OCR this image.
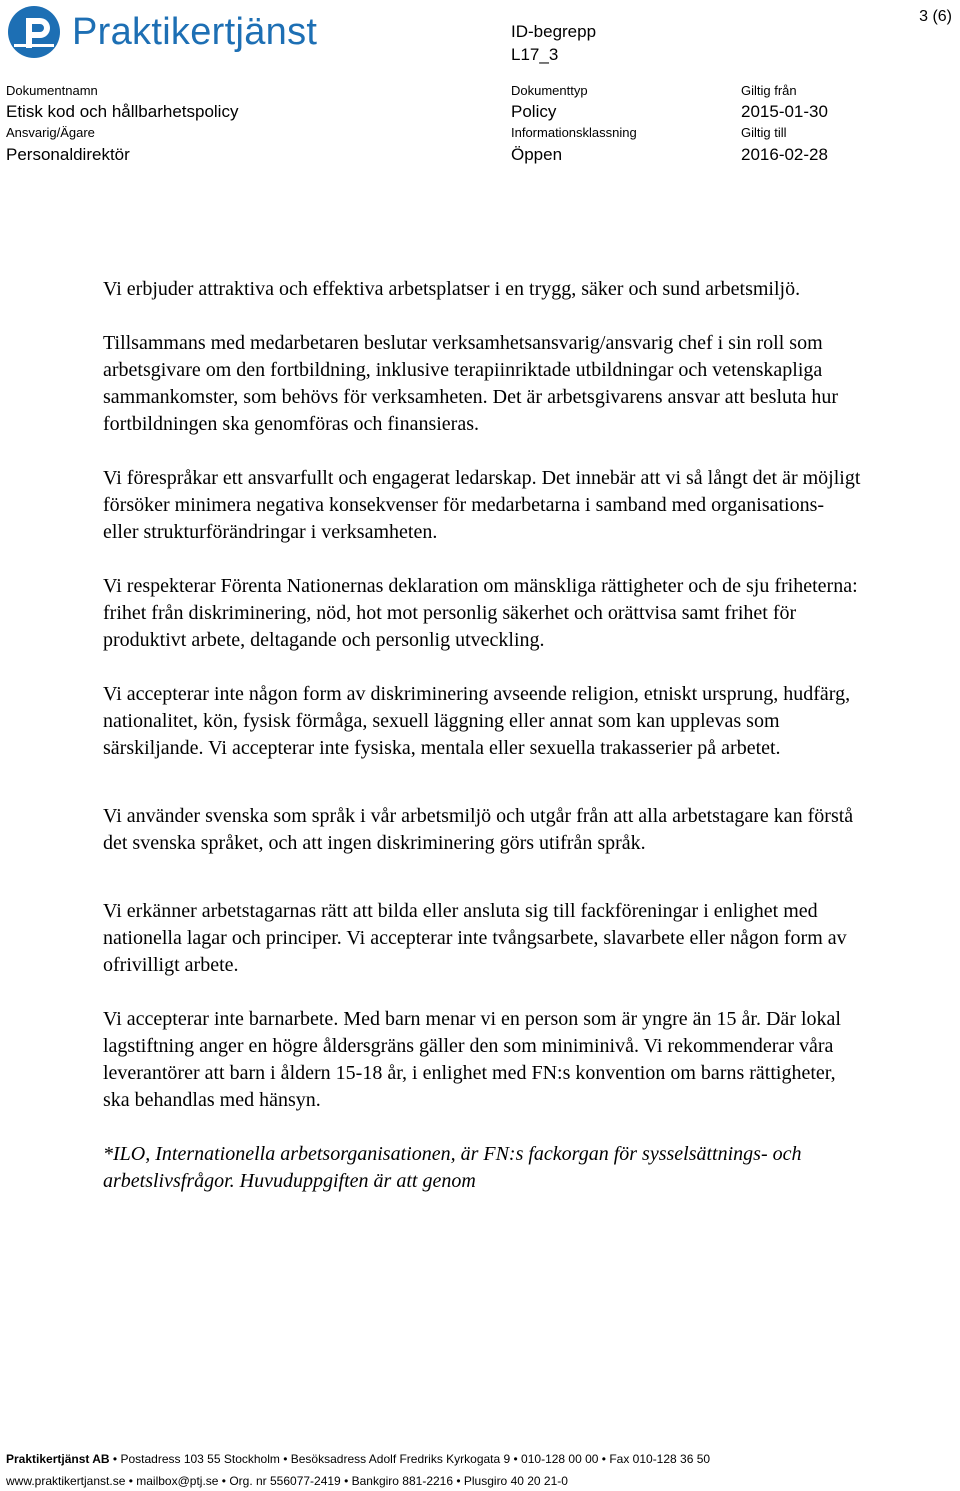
Praktikertjänst	3 (6)
ID-begrepp
L17_3
Dokumentnamn
Etisk kod och hållbarhetspolicy
Dokumenttyp
Policy
Giltig från
2015-01-30
Ansvarig/Ägare
Personaldirektör
Informationsklassning
Öppen
Giltig till
2016-02-28

Vi erbjuder attraktiva och effektiva arbetsplatser i en trygg, säker och sund arbetsmiljö.

Tillsammans med medarbetaren beslutar verksamhetsansvarig/ansvarig chef i sin roll som arbetsgivare om den fortbildning, inklusive terapiinriktade utbildningar och vetenskapliga sammankomster, som behövs för verksamheten. Det är arbetsgivarens ansvar att besluta hur fortbildningen ska genomföras och finansieras.

Vi förespråkar ett ansvarfullt och engagerat ledarskap. Det innebär att vi så långt det är möjligt försöker minimera negativa konsekvenser för medarbetarna i samband med organisations- eller strukturförändringar i verksamheten.

Vi respekterar Förenta Nationernas deklaration om mänskliga rättigheter och de sju friheterna: frihet från diskriminering, nöd, hot mot personlig säkerhet och orättvisa samt frihet för produktivt arbete, deltagande och personlig utveckling.

Vi accepterar inte någon form av diskriminering avseende religion, etniskt ursprung, hudfärg, nationalitet, kön, fysisk förmåga, sexuell läggning eller annat som kan upplevas som särskiljande. Vi accepterar inte fysiska, mentala eller sexuella trakasserier på arbetet.

Vi använder svenska som språk i vår arbetsmiljö och utgår från att alla arbetstagare kan förstå det svenska språket, och att ingen diskriminering görs utifrån språk.

Vi erkänner arbetstagarnas rätt att bilda eller ansluta sig till fackföreningar i enlighet med nationella lagar och principer. Vi accepterar inte tvångsarbete, slavarbete eller någon form av ofrivilligt arbete.

Vi accepterar inte barnarbete. Med barn menar vi en person som är yngre än 15 år. Där lokal lagstiftning anger en högre åldersgräns gäller den som miniminivå. Vi rekommenderar våra leverantörer att barn i åldern 15-18 år, i enlighet med FN:s konvention om barns rättigheter, ska behandlas med hänsyn.

*ILO, Internationella arbetsorganisationen, är FN:s fackorgan för sysselsättnings- och arbetslivsfrågor. Huvuduppgiften är att genom

Praktikertjänst AB • Postadress 103 55 Stockholm • Besöksadress Adolf Fredriks Kyrkogata 9 • 010-128 00 00 • Fax 010-128 36 50
www.praktikertjanst.se • mailbox@ptj.se • Org. nr 556077-2419 • Bankgiro 881-2216 • Plusgiro 40 20 21-0
